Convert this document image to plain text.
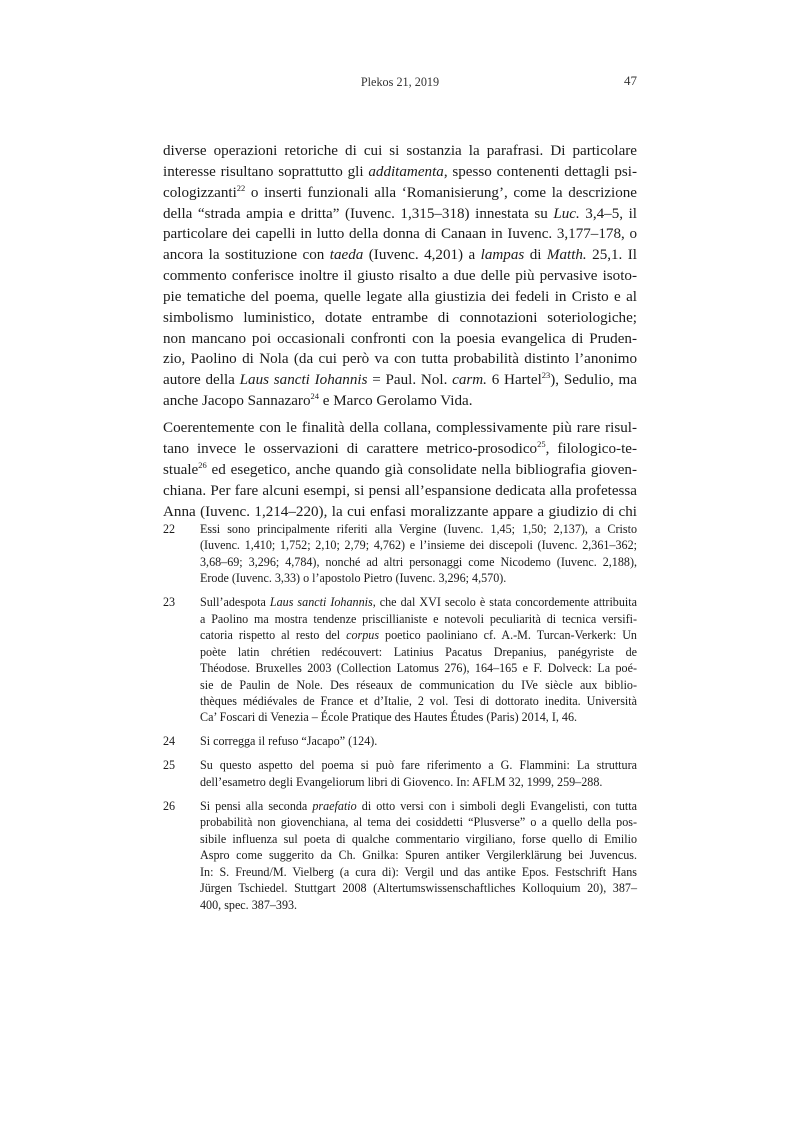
Plekos 21, 2019	47

diverse operazioni retoriche di cui si sostanzia la parafrasi. Di particolare
interesse risultano soprattutto gli additamenta, spesso contenenti dettagli psi-
cologizzanti$^{22}$ o inserti funzionali alla ‘Romanisierung’, come la descrizione
della “strada ampia e dritta” (Iuvenc. 1,315–318) innestata su Luc. 3,4–5, il
particolare dei capelli in lutto della donna di Canaan in Iuvenc. 3,177–178, o
ancora la sostituzione con taeda (Iuvenc. 4,201) a lampas di Matth. 25,1. Il
commento conferisce inoltre il giusto risalto a due delle più pervasive isoto-
pie tematiche del poema, quelle legate alla giustizia dei fedeli in Cristo e al
simbolismo luministico, dotate entrambe di connotazioni soteriologiche;
non mancano poi occasionali confronti con la poesia evangelica di Pruden-
zio, Paolino di Nola (da cui però va con tutta probabilità distinto l’anonimo
autore della Laus sancti Iohannis = Paul. Nol. carm. 6 Hartel$^{23}$), Sedulio, ma
anche Jacopo Sannazaro$^{24}$ e Marco Gerolamo Vida.

Coerentemente con le finalità della collana, complessivamente più rare risul-
tano invece le osservazioni di carattere metrico-prosodico$^{25}$, filologico-te-
stuale$^{26}$ ed esegetico, anche quando già consolidate nella bibliografia gioven-
chiana. Per fare alcuni esempi, si pensi all’espansione dedicata alla profetessa
Anna (Iuvenc. 1,214–220), la cui enfasi moralizzante appare a giudizio di chi

22 Essi sono principalmente riferiti alla Vergine (Iuvenc. 1,45; 1,50; 2,137), a Cristo
(Iuvenc. 1,410; 1,752; 2,10; 2,79; 4,762) e l’insieme dei discepoli (Iuvenc. 2,361–362;
3,68–69; 3,296; 4,784), nonché ad altri personaggi come Nicodemo (Iuvenc. 2,188),
Erode (Iuvenc. 3,33) o l’apostolo Pietro (Iuvenc. 3,296; 4,570).
23 Sull’adespota Laus sancti Iohannis, che dal XVI secolo è stata concordemente attribuita
a Paolino ma mostra tendenze priscillianiste e notevoli peculiarità di tecnica versifi-
catoria rispetto al resto del corpus poetico paoliniano cf. A.-M. Turcan-Verkerk: Un
poète latin chrétien redécouvert: Latinius Pacatus Drepanius, panégyriste de
Théodose. Bruxelles 2003 (Collection Latomus 276), 164–165 e F. Dolveck: La poé-
sie de Paulin de Nole. Des réseaux de communication du IVe siècle aux biblio-
thèques médiévales de France et d’Italie, 2 vol. Tesi di dottorato inedita. Università
Ca’ Foscari di Venezia – École Pratique des Hautes Études (Paris) 2014, I, 46.
24 Si corregga il refuso “Jacapo” (124).
25 Su questo aspetto del poema si può fare riferimento a G. Flammini: La struttura
dell’esametro degli Evangeliorum libri di Giovenco. In: AFLM 32, 1999, 259–288.
26 Si pensi alla seconda praefatio di otto versi con i simboli degli Evangelisti, con tutta
probabilità non giovenchiana, al tema dei cosiddetti “Plusverse” o a quello della pos-
sibile influenza sul poeta di qualche commentario virgiliano, forse quello di Emilio
Aspro come suggerito da Ch. Gnilka: Spuren antiker Vergilerklärung bei Juvencus.
In: S. Freund/M. Vielberg (a cura di): Vergil und das antike Epos. Festschrift Hans
Jürgen Tschiedel. Stuttgart 2008 (Altertumswissenschaftliches Kolloquium 20), 387–
400, spec. 387–393.
